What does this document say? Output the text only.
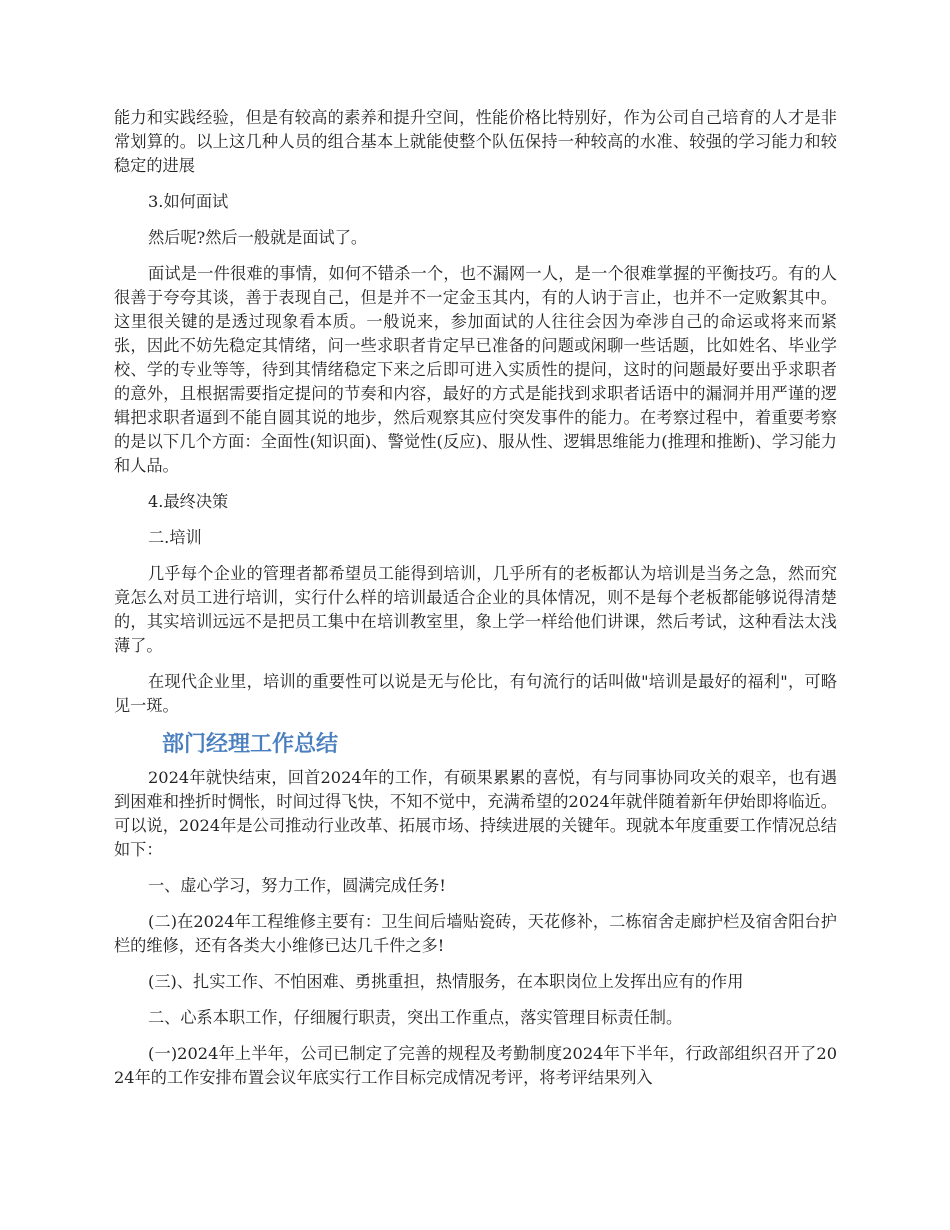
能力和实践经验，但是有较高的素养和提升空间，性能价格比特别好，作为公司自己培育的人才是非常划算的。以上这几种人员的组合基本上就能使整个队伍保持一种较高的水准、较强的学习能力和较稳定的进展

3.如何面试

然后呢?然后一般就是面试了。

面试是一件很难的事情，如何不错杀一个，也不漏网一人，是一个很难掌握的平衡技巧。有的人很善于夸夸其谈，善于表现自己，但是并不一定金玉其内，有的人讷于言止，也并不一定败絮其中。这里很关键的是透过现象看本质。一般说来，参加面试的人往往会因为牵涉自己的命运或将来而紧张，因此不妨先稳定其情绪，问一些求职者肯定早已准备的问题或闲聊一些话题，比如姓名、毕业学校、学的专业等等，待到其情绪稳定下来之后即可进入实质性的提问，这时的问题最好要出乎求职者的意外，且根据需要指定提问的节奏和内容，最好的方式是能找到求职者话语中的漏洞并用严谨的逻辑把求职者逼到不能自圆其说的地步，然后观察其应付突发事件的能力。在考察过程中，着重要考察的是以下几个方面：全面性(知识面)、警觉性(反应)、服从性、逻辑思维能力(推理和推断)、学习能力和人品。

4.最终决策

二.培训

几乎每个企业的管理者都希望员工能得到培训，几乎所有的老板都认为培训是当务之急，然而究竟怎么对员工进行培训，实行什么样的培训最适合企业的具体情况，则不是每个老板都能够说得清楚的，其实培训远远不是把员工集中在培训教室里，象上学一样给他们讲课，然后考试，这种看法太浅薄了。

在现代企业里，培训的重要性可以说是无与伦比，有句流行的话叫做"培训是最好的福利"，可略见一斑。

部门经理工作总结

2024年就快结束，回首2024年的工作，有硕果累累的喜悦，有与同事协同攻关的艰辛，也有遇到困难和挫折时惆怅，时间过得飞快，不知不觉中，充满希望的2024年就伴随着新年伊始即将临近。可以说，2024年是公司推动行业改革、拓展市场、持续进展的关键年。现就本年度重要工作情况总结如下：

一、虚心学习，努力工作，圆满完成任务!

(二)在2024年工程维修主要有：卫生间后墙贴瓷砖，天花修补，二栋宿舍走廊护栏及宿舍阳台护栏的维修，还有各类大小维修已达几千件之多!

(三)、扎实工作、不怕困难、勇挑重担，热情服务，在本职岗位上发挥出应有的作用

二、心系本职工作，仔细履行职责，突出工作重点，落实管理目标责任制。

(一)2024年上半年，公司已制定了完善的规程及考勤制度2024年下半年，行政部组织召开了2024年的工作安排布置会议年底实行工作目标完成情况考评，将考评结果列入
